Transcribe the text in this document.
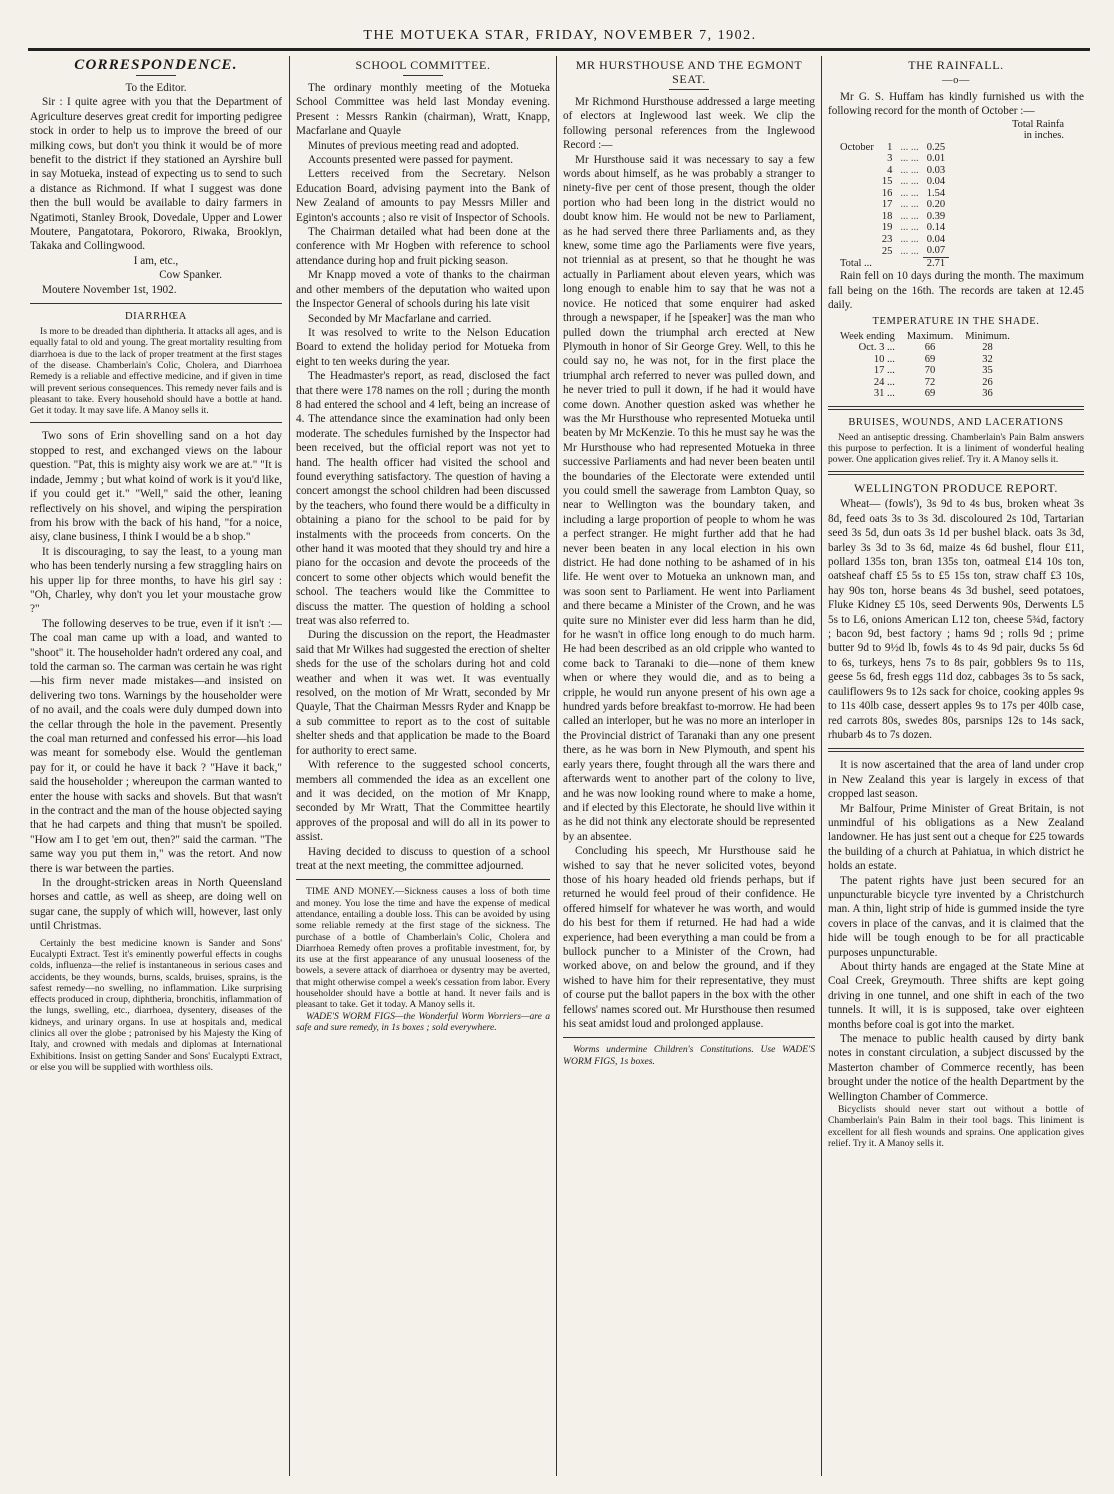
THE MOTUEKA STAR, FRIDAY, NOVEMBER 7, 1902.
CORRESPONDENCE.

To the Editor.

Sir : I quite agree with you that the Department of Agriculture deserves great credit for importing pedigree stock in order to help us to improve the breed of our milking cows, but don't you think it would be of more benefit to the district if they stationed an Ayrshire bull in say Motueka, instead of expecting us to send to such a distance as Richmond. If what I suggest was done then the bull would be available to dairy farmers in Ngatimoti, Stanley Brook, Dovedale, Upper and Lower Moutere, Pangatotara, Pokororo, Riwaka, Brooklyn, Takaka and Collingwood.

I am, etc.,

Cow Spanker.

Moutere November 1st, 1902.

DIARRHŒA

Is more to be dreaded than diphtheria. It attacks all ages, and is equally fatal to old and young. The great mortality resulting from diarrhoea is due to the lack of proper treatment at the first stages of the disease. Chamberlain's Colic, Cholera, and Diarrhoea Remedy is a reliable and effective medicine, and if given in time will prevent serious consequences. This remedy never fails and is pleasant to take. Every household should have a bottle at hand. Get it today. It may save life. A Manoy sells it.

Two sons of Erin shovelling sand on a hot day stopped to rest, and exchanged views on the labour question. "Pat, this is mighty aisy work we are at." "It is indade, Jemmy ; but what koind of work is it you'd like, if you could get it." "Well," said the other, leaning reflectively on his shovel, and wiping the perspiration from his brow with the back of his hand, "for a noice, aisy, clane business, I think I would be a b shop."

It is discouraging, to say the least, to a young man who has been tenderly nursing a few straggling hairs on his upper lip for three months, to have his girl say : "Oh, Charley, why don't you let your moustache grow ?"

The following deserves to be true, even if it isn't :—The coal man came up with a load, and wanted to "shoot" it. The householder hadn't ordered any coal, and told the carman so. The carman was certain he was right—his firm never made mistakes—and insisted on delivering two tons. Warnings by the householder were of no avail, and the coals were duly dumped down into the cellar through the hole in the pavement. Presently the coal man returned and confessed his error—his load was meant for somebody else. Would the gentleman pay for it, or could he have it back ? "Have it back," said the householder ; whereupon the carman wanted to enter the house with sacks and shovels. But that wasn't in the contract and the man of the house objected saying that he had carpets and thing that musn't be spoiled. "How am I to get 'em out, then?" said the carman. "The same way you put them in," was the retort. And now there is war between the parties.

In the drought-stricken areas in North Queensland horses and cattle, as well as sheep, are doing well on sugar cane, the supply of which will, however, last only until Christmas.

Certainly the best medicine known is Sander and Sons' Eucalypti Extract. Test it's eminently powerful effects in coughs colds, influenza—the relief is instantaneous in serious cases and accidents, be they wounds, burns, scalds, bruises, sprains, is the safest remedy—no swelling, no inflammation. Like surprising effects produced in croup, diphtheria, bronchitis, inflammation of the lungs, swelling, etc., diarrhoea, dysentery, diseases of the kidneys, and urinary organs. In use at hospitals and, medical clinics all over the globe ; patronised by his Majesty the King of Italy, and crowned with medals and diplomas at International Exhibitions. Insist on getting Sander and Sons' Eucalypti Extract, or else you will be supplied with worthless oils.

SCHOOL COMMITTEE.

The ordinary monthly meeting of the Motueka School Committee was held last Monday evening. Present : Messrs Rankin (chairman), Wratt, Knapp, Macfarlane and Quayle

Minutes of previous meeting read and adopted.

Accounts presented were passed for payment.

Letters received from the Secretary. Nelson Education Board, advising payment into the Bank of New Zealand of amounts to pay Messrs Miller and Eginton's accounts ; also re visit of Inspector of Schools.

The Chairman detailed what had been done at the conference with Mr Hogben with reference to school attendance during hop and fruit picking season.

Mr Knapp moved a vote of thanks to the chairman and other members of the deputation who waited upon the Inspector General of schools during his late visit

Seconded by Mr Macfarlane and carried.

It was resolved to write to the Nelson Education Board to extend the holiday period for Motueka from eight to ten weeks during the year.

The Headmaster's report, as read, disclosed the fact that there were 178 names on the roll ; during the month 8 had entered the school and 4 left, being an increase of 4. The attendance since the examination had only been moderate. The schedules furnished by the Inspector had been received, but the official report was not yet to hand. The health officer had visited the school and found everything satisfactory. The question of having a concert amongst the school children had been discussed by the teachers, who found there would be a difficulty in obtaining a piano for the school to be paid for by instalments with the proceeds from concerts. On the other hand it was mooted that they should try and hire a piano for the occasion and devote the proceeds of the concert to some other objects which would benefit the school. The teachers would like the Committee to discuss the matter. The question of holding a school treat was also referred to.

During the discussion on the report, the Headmaster said that Mr Wilkes had suggested the erection of shelter sheds for the use of the scholars during hot and cold weather and when it was wet. It was eventually resolved, on the motion of Mr Wratt, seconded by Mr Quayle, That the Chairman Messrs Ryder and Knapp be a sub committee to report as to the cost of suitable shelter sheds and that application be made to the Board for authority to erect same.

With reference to the suggested school concerts, members all commended the idea as an excellent one and it was decided, on the motion of Mr Knapp, seconded by Mr Wratt, That the Committee heartily approves of the proposal and will do all in its power to assist.

Having decided to discuss to question of a school treat at the next meeting, the committee adjourned.

TIME AND MONEY.—Sickness causes a loss of both time and money. You lose the time and have the expense of medical attendance, entailing a double loss. This can be avoided by using some reliable remedy at the first stage of the sickness. The purchase of a bottle of Chamberlain's Colic, Cholera and Diarrhoea Remedy often proves a profitable investment, for, by its use at the first appearance of any unusual looseness of the bowels, a severe attack of diarrhoea or dysentry may be averted, that might otherwise compel a week's cessation from labor. Every householder should have a bottle at hand. It never fails and is pleasant to take. Get it today. A Manoy sells it.

WADE'S WORM FIGS—the Wonderful Worm Worriers—are a safe and sure remedy, in 1s boxes ; sold everywhere.

MR HURSTHOUSE AND THE EGMONT SEAT.

Mr Richmond Hursthouse addressed a large meeting of electors at Inglewood last week. We clip the following personal references from the Inglewood Record :—

Mr Hursthouse said it was necessary to say a few words about himself, as he was probably a stranger to ninety-five per cent of those present, though the older portion who had been long in the district would no doubt know him. He would not be new to Parliament, as he had served there three Parliaments and, as they knew, some time ago the Parliaments were five years, not triennial as at present, so that he thought he was actually in Parliament about eleven years, which was long enough to enable him to say that he was not a novice. He noticed that some enquirer had asked through a newspaper, if he [speaker] was the man who pulled down the triumphal arch erected at New Plymouth in honor of Sir George Grey. Well, to this he could say no, he was not, for in the first place the triumphal arch referred to never was pulled down, and he never tried to pull it down, if he had it would have come down. Another question asked was whether he was the Mr Hursthouse who represented Motueka until beaten by Mr McKenzie. To this he must say he was the Mr Hursthouse who had represented Motueka in three successive Parliaments and had never been beaten until the boundaries of the Electorate were extended until you could smell the sawerage from Lambton Quay, so near to Wellington was the boundary taken, and including a large proportion of people to whom he was a perfect stranger. He might further add that he had never been beaten in any local election in his own district. He had done nothing to be ashamed of in his life. He went over to Motueka an unknown man, and was soon sent to Parliament. He went into Parliament and there became a Minister of the Crown, and he was quite sure no Minister ever did less harm than he did, for he wasn't in office long enough to do much harm. He had been described as an old cripple who wanted to come back to Taranaki to die—none of them knew when or where they would die, and as to being a cripple, he would run anyone present of his own age a hundred yards before breakfast to-morrow. He had been called an interloper, but he was no more an interloper in the Provincial district of Taranaki than any one present there, as he was born in New Plymouth, and spent his early years there, fought through all the wars there and afterwards went to another part of the colony to live, and he was now looking round where to make a home, and if elected by this Electorate, he should live within it as he did not think any electorate should be represented by an absentee.

Concluding his speech, Mr Hursthouse said he wished to say that he never solicited votes, beyond those of his hoary headed old friends perhaps, but if returned he would feel proud of their confidence. He offered himself for whatever he was worth, and would do his best for them if returned. He had had a wide experience, had been everything a man could be from a bullock puncher to a Minister of the Crown, had worked above, on and below the ground, and if they wished to have him for their representative, they must of course put the ballot papers in the box with the other fellows' names scored out. Mr Hursthouse then resumed his seat amidst loud and prolonged applause.

Worms undermine Children's Constitutions. Use WADE'S WORM FIGS, 1s boxes.

THE RAINFALL.
—o—

Mr G. S. Huffam has kindly furnished us with the following record for the month of October :—

Total Rainfa
in inches.
October	1	... ...	0.25
	3	... ...	0.01
	4	... ...	0.03
	15	... ...	0.04
	16	... ...	1.54
	17	... ...	0.20
	18	... ...	0.39
	19	... ...	0.14
	23	... ...	0.04
	25	... ...	0.07
Total ...			2.71

Rain fell on 10 days during the month. The maximum fall being on the 16th. The records are taken at 12.45 daily.

TEMPERATURE IN THE SHADE.
Week ending	Maximum.	Minimum.
Oct. 3 ...	66	28
10 ...	69	32
17 ...	70	35
24 ...	72	26
31 ...	69	36
BRUISES, WOUNDS, AND LACERATIONS

Need an antiseptic dressing. Chamberlain's Pain Balm answers this purpose to perfection. It is a liniment of wonderful healing power. One application gives relief. Try it. A Manoy sells it.

WELLINGTON PRODUCE REPORT.

Wheat— (fowls'), 3s 9d to 4s bus, broken wheat 3s 8d, feed oats 3s to 3s 3d. discoloured 2s 10d, Tartarian seed 3s 5d, dun oats 3s 1d per bushel black. oats 3s 3d, barley 3s 3d to 3s 6d, maize 4s 6d bushel, flour £11, pollard 135s ton, bran 135s ton, oatmeal £14 10s ton, oatsheaf chaff £5 5s to £5 15s ton, straw chaff £3 10s, hay 90s ton, horse beans 4s 3d bushel, seed potatoes, Fluke Kidney £5 10s, seed Derwents 90s, Derwents L5 5s to L6, onions American L12 ton, cheese 5¾d, factory ; bacon 9d, best factory ; hams 9d ; rolls 9d ; prime butter 9d to 9½d lb, fowls 4s to 4s 9d pair, ducks 5s 6d to 6s, turkeys, hens 7s to 8s pair, gobblers 9s to 11s, geese 5s 6d, fresh eggs 11d doz, cabbages 3s to 5s sack, cauliflowers 9s to 12s sack for choice, cooking apples 9s to 11s 40lb case, dessert apples 9s to 17s per 40lb case, red carrots 80s, swedes 80s, parsnips 12s to 14s sack, rhubarb 4s to 7s dozen.

It is now ascertained that the area of land under crop in New Zealand this year is largely in excess of that cropped last season.

Mr Balfour, Prime Minister of Great Britain, is not unmindful of his obligations as a New Zealand landowner. He has just sent out a cheque for £25 towards the building of a church at Pahiatua, in which district he holds an estate.

The patent rights have just been secured for an unpuncturable bicycle tyre invented by a Christchurch man. A thin, light strip of hide is gummed inside the tyre covers in place of the canvas, and it is claimed that the hide will be tough enough to be for all practicable purposes unpuncturable.

About thirty hands are engaged at the State Mine at Coal Creek, Greymouth. Three shifts are kept going driving in one tunnel, and one shift in each of the two tunnels. It will, it is is supposed, take over eighteen months before coal is got into the market.

The menace to public health caused by dirty bank notes in constant circulation, a subject discussed by the Masterton chamber of Commerce recently, has been brought under the notice of the health Department by the Wellington Chamber of Commerce.

Bicyclists should never start out without a bottle of Chamberlain's Pain Balm in their tool bags. This liniment is excellent for all flesh wounds and sprains. One application gives relief. Try it. A Manoy sells it.
